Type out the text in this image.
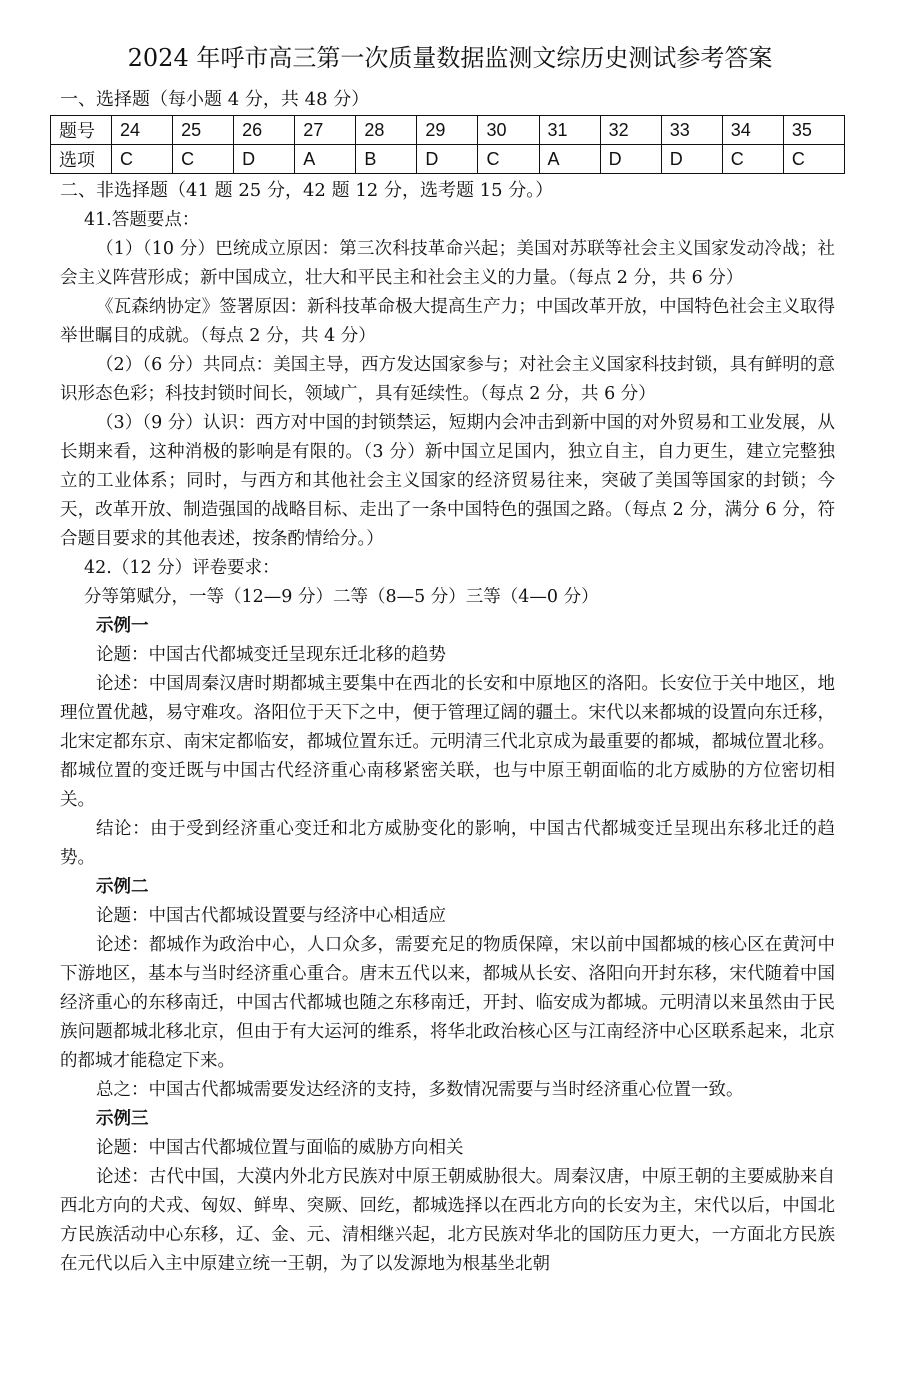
2024 年呼市高三第一次质量数据监测文综历史测试参考答案
一、选择题（每小题 4 分，共 48 分）
题号	24	25	26	27	28	29	30	31	32	33	34	35
选项	C	C	D	A	B	D	C	A	D	D	C	C
二、非选择题（41 题 25 分，42 题 12 分，选考题 15 分。）

41.答题要点：

（1）（10 分）巴统成立原因：第三次科技革命兴起；美国对苏联等社会主义国家发动冷战；社会主义阵营形成；新中国成立，壮大和平民主和社会主义的力量。（每点 2 分，共 6 分）

《瓦森纳协定》签署原因：新科技革命极大提高生产力；中国改革开放，中国特色社会主义取得举世瞩目的成就。（每点 2 分，共 4 分）

（2）（6 分）共同点：美国主导，西方发达国家参与；对社会主义国家科技封锁，具有鲜明的意识形态色彩；科技封锁时间长，领域广，具有延续性。（每点 2 分，共 6 分）

（3）（9 分）认识：西方对中国的封锁禁运，短期内会冲击到新中国的对外贸易和工业发展，从长期来看，这种消极的影响是有限的。（3 分）新中国立足国内，独立自主，自力更生，建立完整独立的工业体系；同时，与西方和其他社会主义国家的经济贸易往来，突破了美国等国家的封锁；今天，改革开放、制造强国的战略目标、走出了一条中国特色的强国之路。（每点 2 分，满分 6 分，符合题目要求的其他表述，按条酌情给分。）

42.（12 分）评卷要求：

分等第赋分，一等（12—9 分）二等（8—5 分）三等（4—0 分）

示例一

论题：中国古代都城变迁呈现东迁北移的趋势

论述：中国周秦汉唐时期都城主要集中在西北的长安和中原地区的洛阳。长安位于关中地区，地理位置优越，易守难攻。洛阳位于天下之中，便于管理辽阔的疆土。宋代以来都城的设置向东迁移，北宋定都东京、南宋定都临安，都城位置东迁。元明清三代北京成为最重要的都城，都城位置北移。都城位置的变迁既与中国古代经济重心南移紧密关联，也与中原王朝面临的北方威胁的方位密切相关。

结论：由于受到经济重心变迁和北方威胁变化的影响，中国古代都城变迁呈现出东移北迁的趋势。

示例二

论题：中国古代都城设置要与经济中心相适应

论述：都城作为政治中心，人口众多，需要充足的物质保障，宋以前中国都城的核心区在黄河中下游地区，基本与当时经济重心重合。唐末五代以来，都城从长安、洛阳向开封东移，宋代随着中国经济重心的东移南迁，中国古代都城也随之东移南迁，开封、临安成为都城。元明清以来虽然由于民族问题都城北移北京，但由于有大运河的维系，将华北政治核心区与江南经济中心区联系起来，北京的都城才能稳定下来。

总之：中国古代都城需要发达经济的支持，多数情况需要与当时经济重心位置一致。

示例三

论题：中国古代都城位置与面临的威胁方向相关

论述：古代中国，大漠内外北方民族对中原王朝威胁很大。周秦汉唐，中原王朝的主要威胁来自西北方向的犬戎、匈奴、鲜卑、突厥、回纥，都城选择以在西北方向的长安为主，宋代以后，中国北方民族活动中心东移，辽、金、元、清相继兴起，北方民族对华北的国防压力更大，一方面北方民族在元代以后入主中原建立统一王朝，为了以发源地为根基坐北朝
